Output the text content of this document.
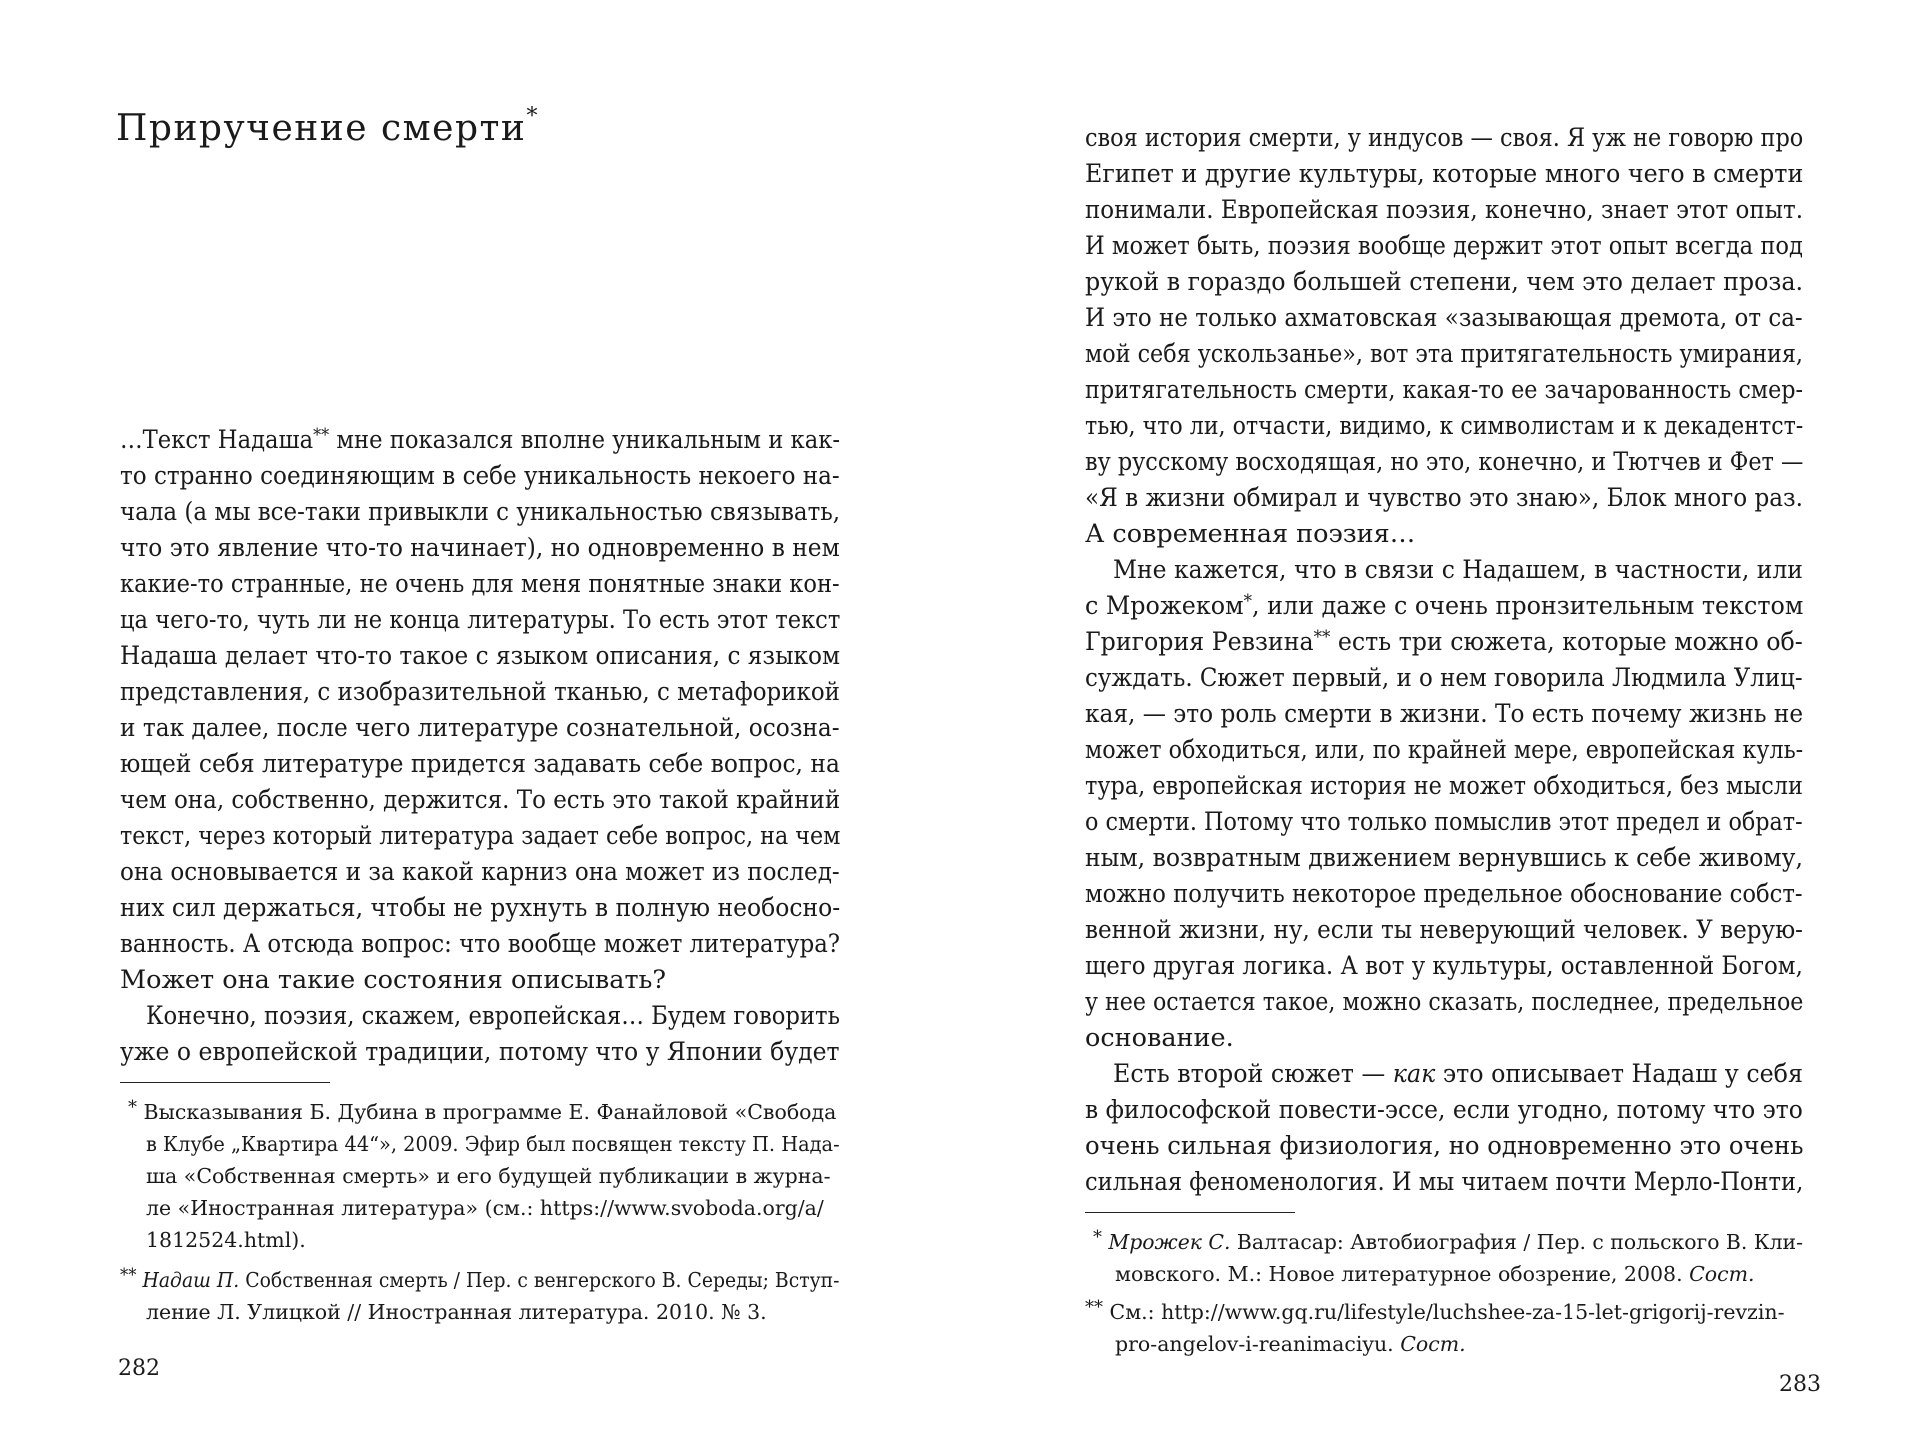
Приручение смерти*
…Текст Надаша** мне показался вполне уникальным и как-
то странно соединяющим в себе уникальность некоего на-
чала (а мы все-таки привыкли с уникальностью связывать,
что это явление что-то начинает), но одновременно в нем
какие-то странные, не очень для меня понятные знаки кон-
ца чего-то, чуть ли не конца литературы. То есть этот текст
Надаша делает что-то такое с языком описания, с языком
представления, с изобразительной тканью, с метафорикой
и так далее, после чего литературе сознательной, осозна-
ющей себя литературе придется задавать себе вопрос, на
чем она, собственно, держится. То есть это такой крайний
текст, через который литература задает себе вопрос, на чем
она основывается и за какой карниз она может из послед-
них сил держаться, чтобы не рухнуть в полную необосно-
ванность. А отсюда вопрос: что вообще может литература?
Может она такие состояния описывать?
Конечно, поэзия, скажем, европейская… Будем говорить
уже о европейской традиции, потому что у Японии будет
* Высказывания Б. Дубина в программе Е. Фанайловой «Свобода
в Клубе „Квартира 44“», 2009. Эфир был посвящен тексту П. Нада-
ша «Собственная смерть» и его будущей публикации в журна-
ле «Иностранная литература» (см.: https://www.svoboda.org/a/
1812524.html).
** Надаш П. Собственная смерть / Пер. с венгерского В. Середы; Вступ-
ление Л. Улицкой // Иностранная литература. 2010. № 3.
282
своя история смерти, у индусов — своя. Я уж не говорю про
Египет и другие культуры, которые много чего в смерти
понимали. Европейская поэзия, конечно, знает этот опыт.
И может быть, поэзия вообще держит этот опыт всегда под
рукой в гораздо большей степени, чем это делает проза.
И это не только ахматовская «зазывающая дремота, от са-
мой себя ускользанье», вот эта притягательность умирания,
притягательность смерти, какая-то ее зачарованность смер-
тью, что ли, отчасти, видимо, к символистам и к декадентст-
ву русскому восходящая, но это, конечно, и Тютчев и Фет —
«Я в жизни обмирал и чувство это знаю», Блок много раз.
А современная поэзия…
Мне кажется, что в связи с Надашем, в частности, или
с Мрожеком*, или даже с очень пронзительным текстом
Григория Ревзина** есть три сюжета, которые можно об-
суждать. Сюжет первый, и о нем говорила Людмила Улиц-
кая, — это роль смерти в жизни. То есть почему жизнь не
может обходиться, или, по крайней мере, европейская куль-
тура, европейская история не может обходиться, без мысли
о смерти. Потому что только помыслив этот предел и обрат-
ным, возвратным движением вернувшись к себе живому,
можно получить некоторое предельное обоснование собст-
венной жизни, ну, если ты неверующий человек. У верую-
щего другая логика. А вот у культуры, оставленной Богом,
у нее остается такое, можно сказать, последнее, предельное
основание.
Есть второй сюжет — как это описывает Надаш у себя
в философской повести-эссе, если угодно, потому что это
очень сильная физиология, но одновременно это очень
сильная феноменология. И мы читаем почти Мерло-Понти,
* Мрожек С. Валтасар: Автобиография / Пер. с польского В. Кли-
мовского. М.: Новое литературное обозрение, 2008. Сост.
** См.: http://www.gq.ru/lifestyle/luchshee-za-15-let-grigorij-revzin-
pro-angelov-i-reanimaciyu. Сост.
283
